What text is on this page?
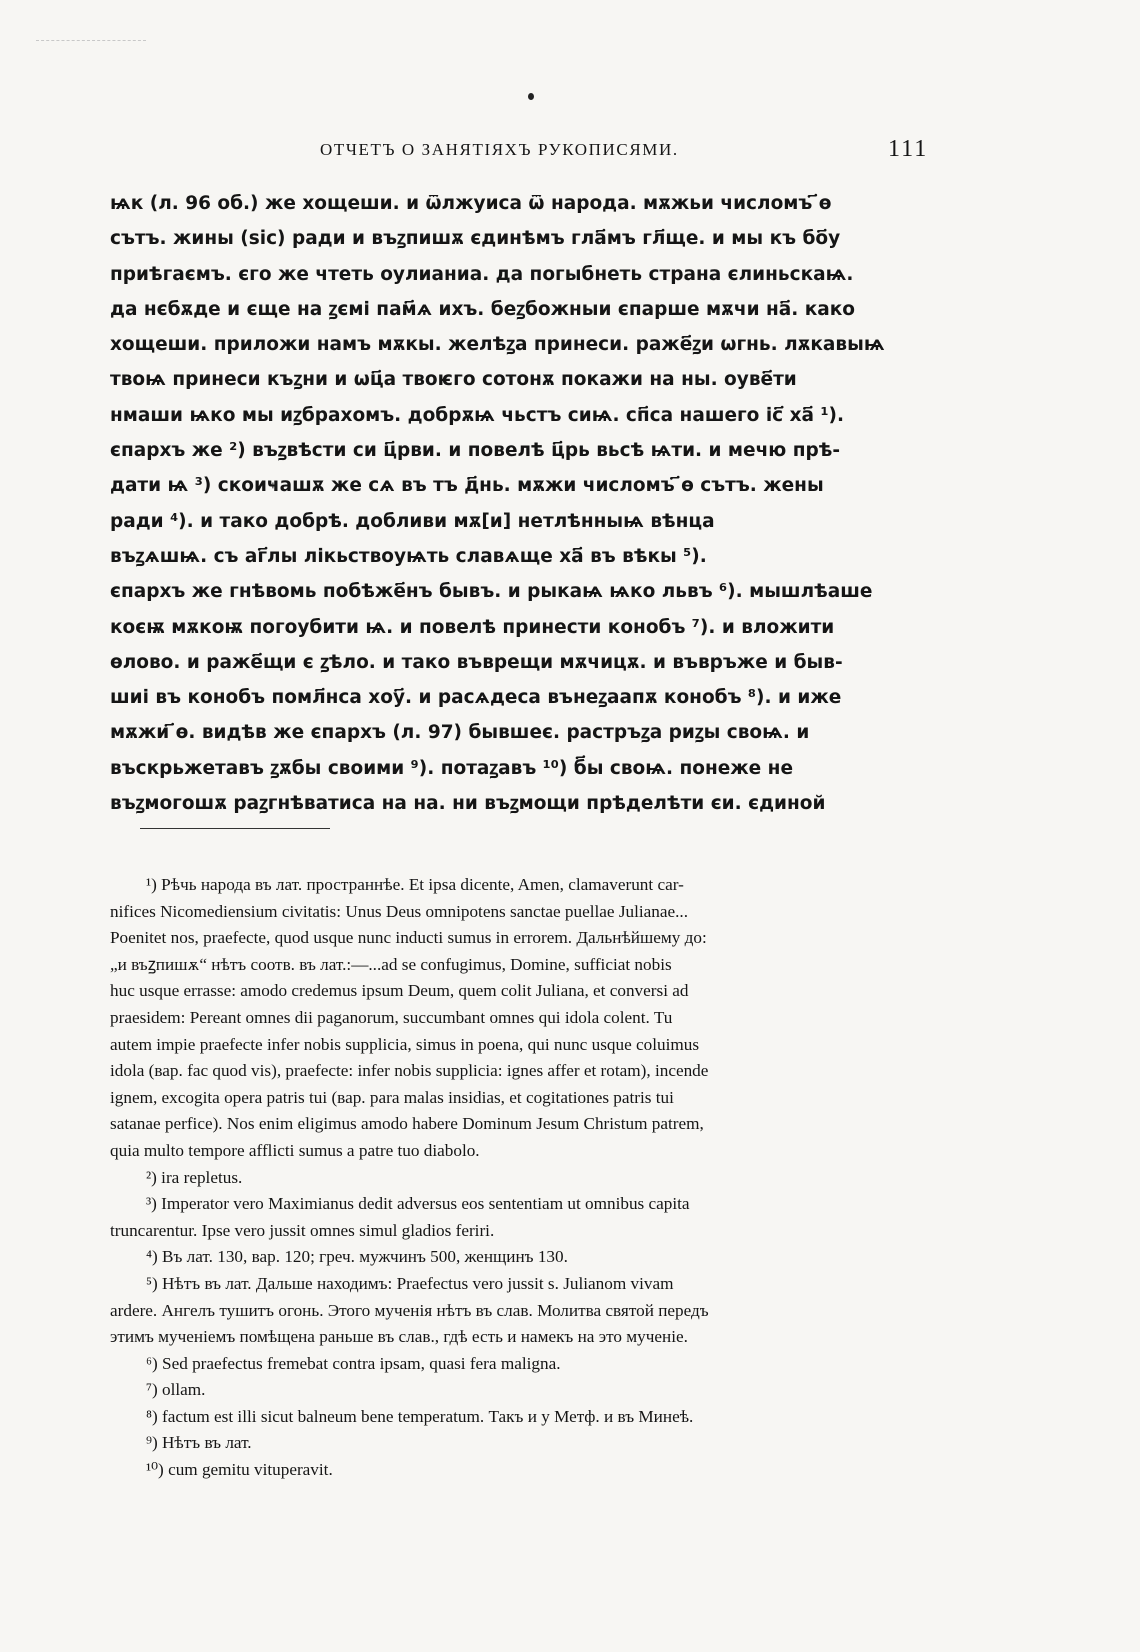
ОТЧЕТЪ О ЗАНЯТІЯХЪ РУКОПИСЯМИ.	111
ѩк (л. 96 об.) же хощеши. и ѿлжуиса ѿ народа. мѫжьи числомъ ҃ѳ
сътъ. жины (sic) ради и въꙁпишѫ єдинѣмъ гла҃мъ гл҃ще. и мы къ бо҃у
приѣгаємъ. єго же чтеть оулианиа. да погыбнеть страна єлиньскаѩ.
да нєбѫде и єще на ꙁємі пам҃ѧ ихъ. беꙁбожныи єпарше мѫчи на҃. како
хощеши. приложи намъ мѫкы. желѣꙁа принеси. раже҃ꙁи ѡгнь. лѫкавыѩ
твоѩ принеси къꙁни и ѡц҃а твоѥго сотонѫ покажи на ны. оуве҃ти
нмаши ѩко мы иꙁбрахомъ. добрѫѩ чьстъ сиѩ. сп҃са нашего іс҃ ха҃ ¹).
єпархъ же ²) въꙁвѣсти си ц҃рви. и повелѣ ц҃рь вьсѣ ѩти. и мечю прѣ-
дати ѩ ³) скоиҹашѫ же сѧ въ тъ д҃нь. мѫжи числомъ ҃ѳ сътъ. жены
ради ⁴). и тако добрѣ. добливи мѫ[и] нетлѣнныѩ вѣнца
въꙁѧшѩ. съ аг҃лы лікьствоуѩть славѧще ха҃ въ вѣкы ⁵).
єпархъ же гнѣвомь побѣже҃нъ бывъ. и рыкаѩ ѩко львъ ⁶). мышлѣаше
коєѭ мѫкоѭ погоубити ѩ. и повелѣ принести конобъ ⁷). и вложити
ѳлово. и раже҃щи є ꙁѣло. и тако въврещи мѫчицѫ. и въвръже и быв-
шиі въ конобъ помл҃нса хоу҃. и расѧдеса вънеꙁаапѫ конобъ ⁸). и иже
мѫжи ҃ѳ. видѣв же єпархъ (л. 97) бывшеє. растръꙁа риꙁы своѩ. и
въскрьжетавъ ꙁѫбы своими ⁹). потаꙁавъ ¹⁰) б҃ы своѩ. понеже не
въꙁмогошѫ раꙁгнѣватиса на на. ни въꙁмощи прѣделѣти єи. єдиной
¹) Рѣчь народа въ лат. пространнѣе. Et ipsa dicente, Amen, clamaverunt car-
nifices Nicomediensium civitatis: Unus Deus omnipotens sanctae puellae Julianae...
Poenitet nos, praefecte, quod usque nunc inducti sumus in errorem. Дальнѣйшему до:
„и въꙁпишѫ“ нѣтъ соотв. въ лат.:—...ad se confugimus, Domine, sufficiat nobis
huc usque errasse: amodo credemus ipsum Deum, quem colit Juliana, et conversi ad
praesidem: Pereant omnes dii paganorum, succumbant omnes qui idola colent. Tu
autem impie praefecte infer nobis supplicia, simus in poena, qui nunc usque coluimus
idola (вар. fac quod vis), praefecte: infer nobis supplicia: ignes affer et rotam), incende
ignem, excogita opera patris tui (вар. para malas insidias, et cogitationes patris tui
satanae perfice). Nos enim eligimus amodo habere Dominum Jesum Christum patrem,
quia multo tempore afflicti sumus a patre tuo diabolo.
²) ira repletus.
³) Imperator vero Maximianus dedit adversus eos sententiam ut omnibus capita
truncarentur. Ipse vero jussit omnes simul gladios feriri.
⁴) Въ лат. 130, вар. 120; греч. мужчинъ 500, женщинъ 130.
⁵) Нѣтъ въ лат. Дальше находимъ: Praefectus vero jussit s. Julianom vivam
ardere. Ангелъ тушитъ огонь. Этого мученія нѣтъ въ слав. Молитва святой передъ
этимъ мученіемъ помѣщена раньше въ слав., гдѣ есть и намекъ на это мученіе.
⁶) Sed praefectus fremebat contra ipsam, quasi fera maligna.
⁷) ollam.
⁸) factum est illi sicut balneum bene temperatum. Такъ и у Метф. и въ Минеѣ.
⁹) Нѣтъ въ лат.
¹⁰) cum gemitu vituperavit.
